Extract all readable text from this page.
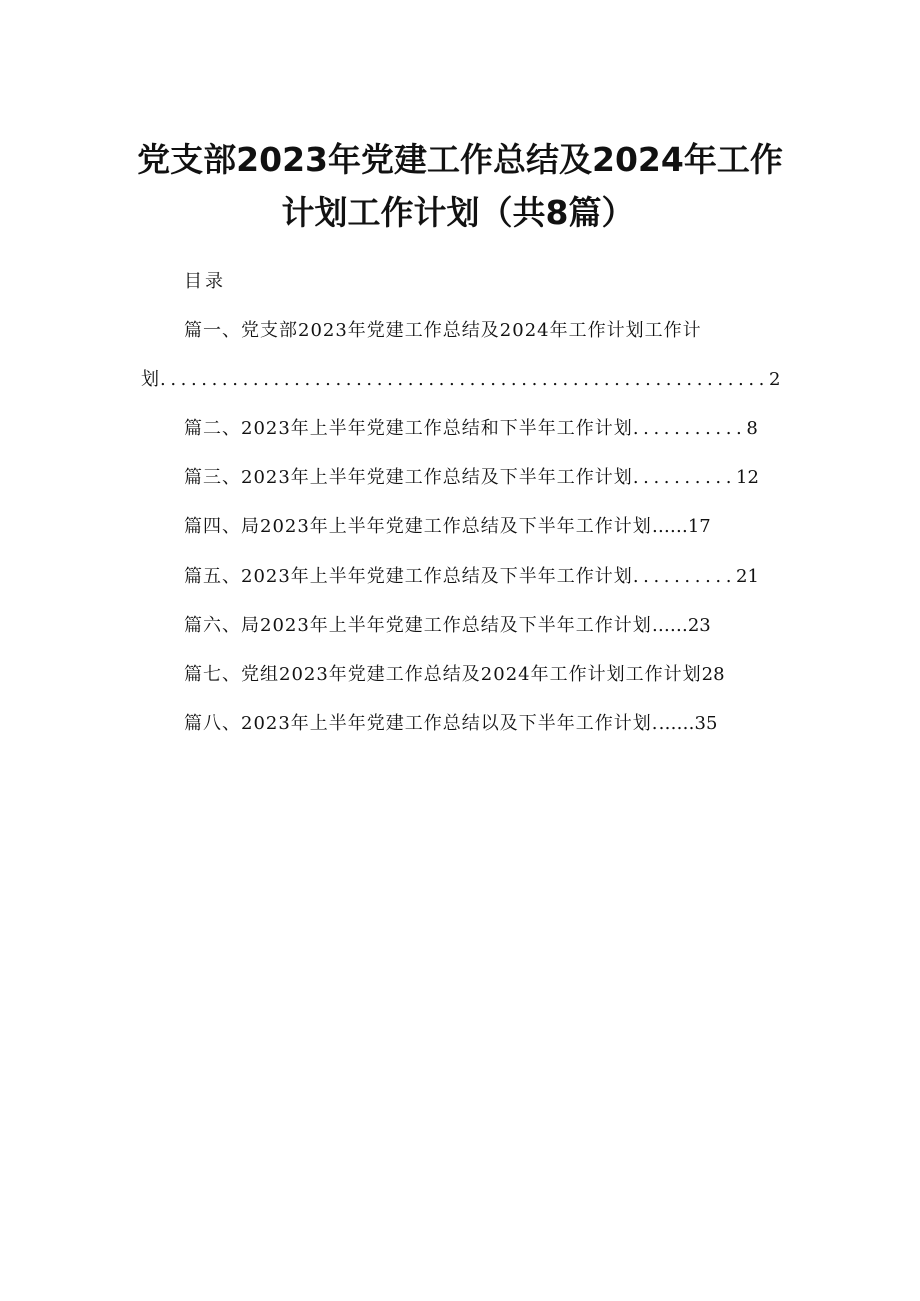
党支部2023年党建工作总结及2024年工作
计划工作计划（共8篇）
目录
篇一、党支部2023年党建工作总结及2024年工作计划工作计
划...........................................................2
篇二、2023年上半年党建工作总结和下半年工作计划...........8
篇三、2023年上半年党建工作总结及下半年工作计划..........12
篇四、局2023年上半年党建工作总结及下半年工作计划……17
篇五、2023年上半年党建工作总结及下半年工作计划..........21
篇六、局2023年上半年党建工作总结及下半年工作计划……23
篇七、党组2023年党建工作总结及2024年工作计划工作计划28
篇八、2023年上半年党建工作总结以及下半年工作计划.……35
